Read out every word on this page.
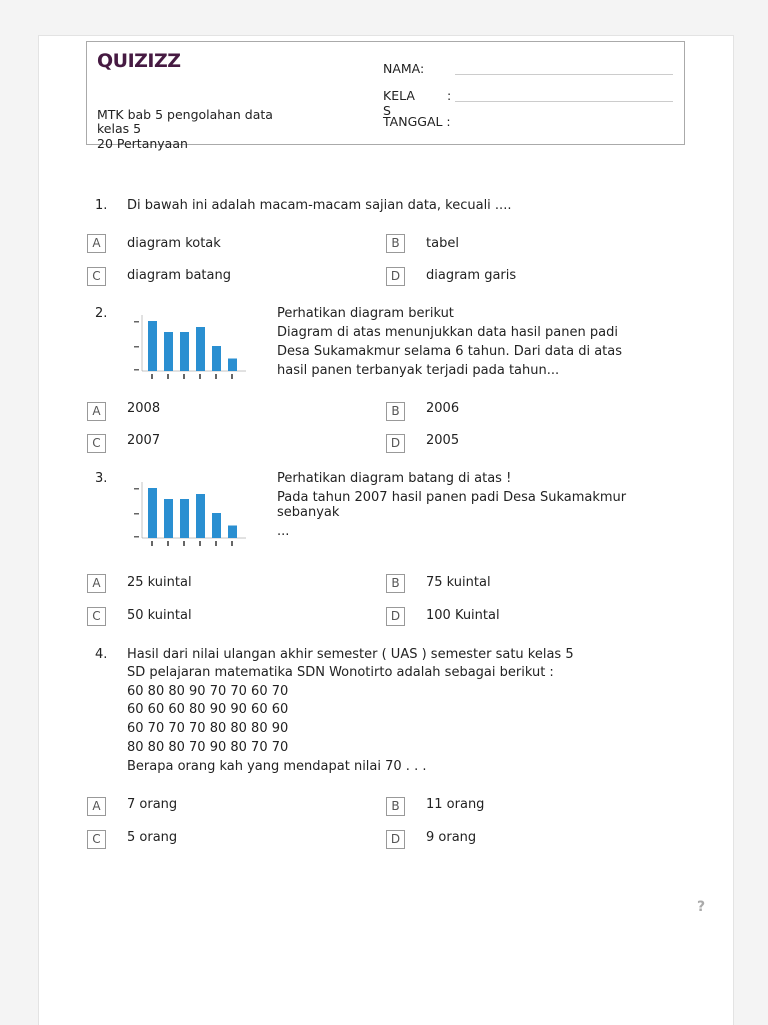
QUIZIZZ
MTK bab 5 pengolahan data
kelas 5
20 Pertanyaan
NAMA:
KELA	:
S
TANGGAL :
1. Di bawah ini adalah macam-macam sajian data, kecuali ....
A	diagram kotak	B	tabel
C	diagram batang	D	diagram garis
2.	Perhatikan diagram berikut
Diagram di atas menunjukkan data hasil panen padi
Desa Sukamakmur selama 6 tahun. Dari data di atas
hasil panen terbanyak terjadi pada tahun...
A	2008	B	2006
C	2007	D	2005
3.	Perhatikan diagram batang di atas !
Pada tahun 2007 hasil panen padi Desa Sukamakmur
sebanyak
...
A	25 kuintal	B	75 kuintal
C	50 kuintal	D	100 Kuintal
4. Hasil dari nilai ulangan akhir semester ( UAS ) semester satu kelas 5
SD pelajaran matematika SDN Wonotirto adalah sebagai berikut :
60 80 80 90 70 70 60 70
60 60 60 80 90 90 60 60
60 70 70 70 80 80 80 90
80 80 80 70 90 80 70 70
Berapa orang kah yang mendapat nilai 70 . . .
A	7 orang	B	11 orang
C	5 orang	D	9 orang
?
